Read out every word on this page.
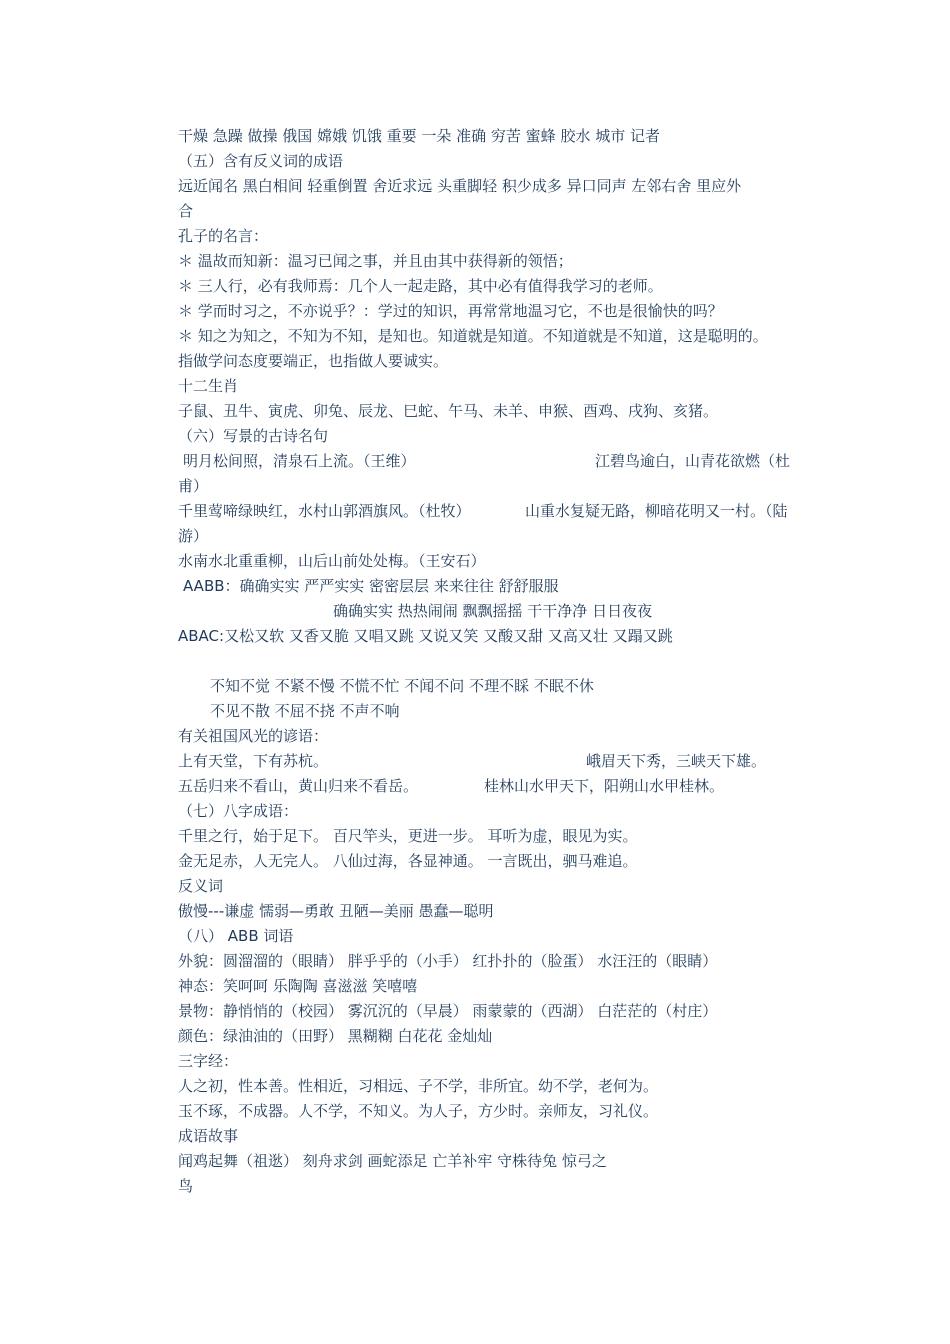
干燥 急躁 做操 俄国 嫦娥 饥饿 重要 一朵 准确 穷苦 蜜蜂 胶水 城市 记者
（五）含有反义词的成语
远近闻名 黑白相间 轻重倒置 舍近求远 头重脚轻 积少成多 异口同声 左邻右舍 里应外
合
孔子的名言：
＊ 温故而知新：温习已闻之事，并且由其中获得新的领悟；
＊ 三人行，必有我师焉：几个人一起走路，其中必有值得我学习的老师。
＊ 学而时习之，不亦说乎？：学过的知识，再常常地温习它，不也是很愉快的吗？
＊ 知之为知之，不知为不知，是知也。知道就是知道。不知道就是不知道，这是聪明的。
指做学问态度要端正，也指做人要诚实。
十二生肖
子鼠、丑牛、寅虎、卯兔、辰龙、巳蛇、午马、未羊、申猴、酉鸡、戌狗、亥猪。
（六）写景的古诗名句
明月松间照，清泉石上流。（王维）	江碧鸟逾白，山青花欲燃（杜
甫）
千里莺啼绿映红，水村山郭酒旗风。（杜牧）	山重水复疑无路，柳暗花明又一村。（陆
游）
水南水北重重柳，山后山前处处梅。（王安石）
AABB：确确实实 严严实实 密密层层 来来往往 舒舒服服
确确实实 热热闹闹 飘飘摇摇 干干净净 日日夜夜
ABAC:又松又软 又香又脆 又唱又跳 又说又笑 又酸又甜 又高又壮 又蹋又跳
不知不觉 不紧不慢 不慌不忙 不闻不问 不理不睬 不眠不休
不见不散 不屈不挠 不声不响
有关祖国风光的谚语：
上有天堂，下有苏杭。	峨眉天下秀，三峡天下雄。
五岳归来不看山，黄山归来不看岳。	桂林山水甲天下，阳朔山水甲桂林。
（七）八字成语：
千里之行，始于足下。 百尺竿头，更进一步。 耳听为虚，眼见为实。
金无足赤，人无完人。 八仙过海，各显神通。 一言既出，驷马难追。
反义词
傲慢---谦虚 懦弱—勇敢 丑陋—美丽 愚蠢—聪明
（八） ABB 词语
外貌：圆溜溜的（眼睛） 胖乎乎的（小手） 红扑扑的（脸蛋） 水汪汪的（眼睛）
神态：笑呵呵 乐陶陶 喜滋滋 笑嘻嘻
景物：静悄悄的（校园） 雾沉沉的（早晨） 雨蒙蒙的（西湖） 白茫茫的（村庄）
颜色：绿油油的（田野） 黑糊糊 白花花 金灿灿
三字经：
人之初，性本善。性相近，习相远、子不学，非所宜。幼不学，老何为。
玉不琢，不成器。人不学，不知义。为人子，方少时。亲师友，习礼仪。
成语故事
闻鸡起舞（祖逖） 刻舟求剑 画蛇添足 亡羊补牢 守株待兔 惊弓之
鸟
